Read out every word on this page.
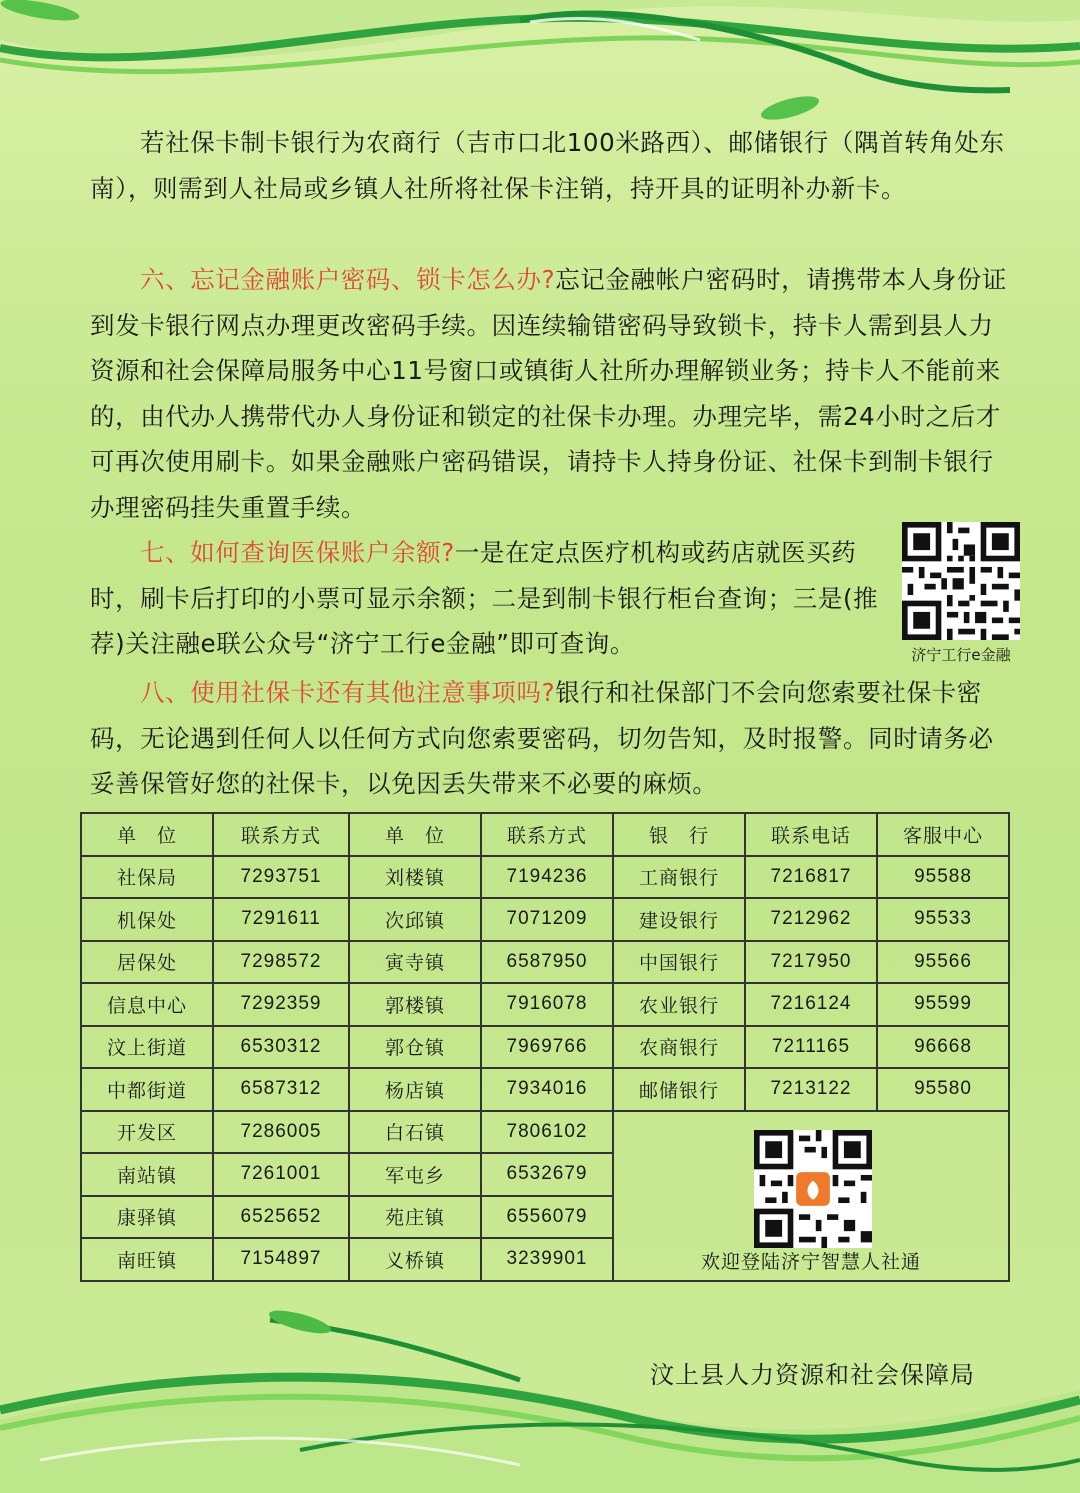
若社保卡制卡银行为农商行（吉市口北100米路西）、邮储银行（隅首转角处东南），则需到人社局或乡镇人社所将社保卡注销，持开具的证明补办新卡。

六、忘记金融账户密码、锁卡怎么办?忘记金融帐户密码时，请携带本人身份证到发卡银行网点办理更改密码手续。因连续输错密码导致锁卡，持卡人需到县人力资源和社会保障局服务中心11号窗口或镇街人社所办理解锁业务；持卡人不能前来的，由代办人携带代办人身份证和锁定的社保卡办理。办理完毕，需24小时之后才可再次使用刷卡。如果金融账户密码错误，请持卡人持身份证、社保卡到制卡银行办理密码挂失重置手续。

七、如何查询医保账户余额?一是在定点医疗机构或药店就医买药时，刷卡后打印的小票可显示余额；二是到制卡银行柜台查询；三是(推荐)关注融e联公众号“济宁工行e金融”即可查询。	济宁工行e金融

八、使用社保卡还有其他注意事项吗?银行和社保部门不会向您索要社保卡密码，无论遇到任何人以任何方式向您索要密码，切勿告知，及时报警。同时请务必妥善保管好您的社保卡，以免因丢失带来不必要的麻烦。

单　位	联系方式	单　位	联系方式	银　行	联系电话	客服中心
社保局	7293751	刘楼镇	7194236	工商银行	7216817	95588
机保处	7291611	次邱镇	7071209	建设银行	7212962	95533
居保处	7298572	寅寺镇	6587950	中国银行	7217950	95566
信息中心	7292359	郭楼镇	7916078	农业银行	7216124	95599
汶上街道	6530312	郭仓镇	7969766	农商银行	7211165	96668
中都街道	6587312	杨店镇	7934016	邮储银行	7213122	95580
开发区	7286005	白石镇	7806102	欢迎登陆济宁智慧人社通		

南站镇	7261001	军屯乡	6532679			
康驿镇	6525652	苑庄镇	6556079			
南旺镇	7154897	义桥镇	3239901			
汶上县人力资源和社会保障局
